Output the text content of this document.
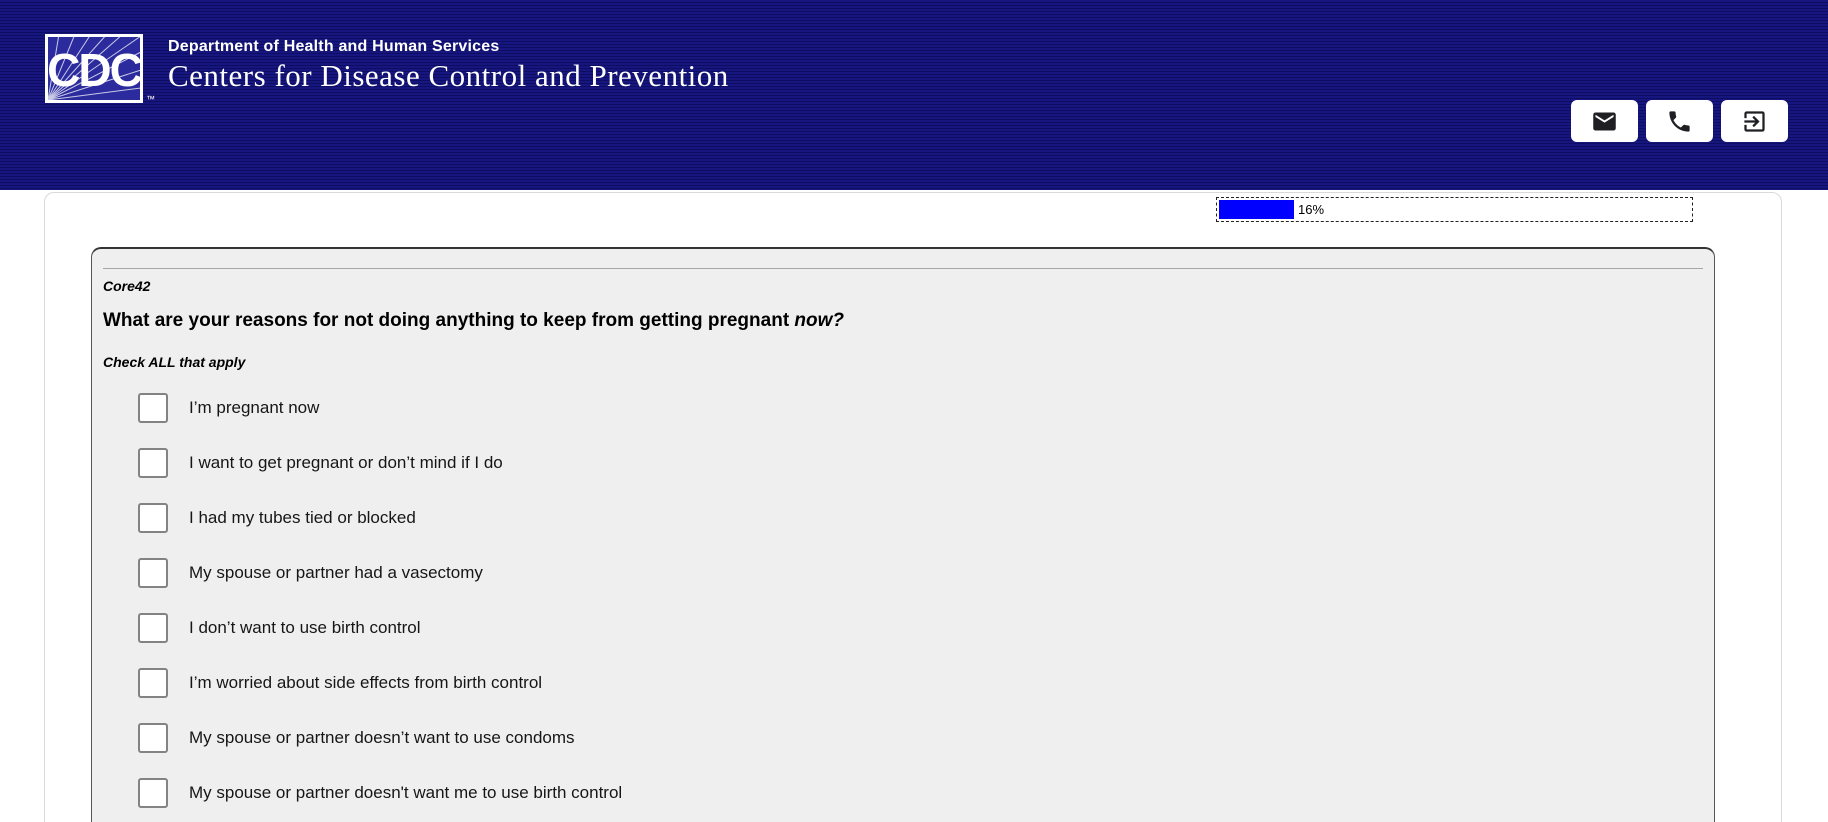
CDC
™
Department of Health and Human Services
Centers for Disease Control and Prevention
16%
Core42
What are your reasons for not doing anything to keep from getting pregnant now?
Check ALL that apply
I’m pregnant now
I want to get pregnant or don’t mind if I do
I had my tubes tied or blocked
My spouse or partner had a vasectomy
I don’t want to use birth control
I’m worried about side effects from birth control
My spouse or partner doesn’t want to use condoms
My spouse or partner doesn't want me to use birth control
